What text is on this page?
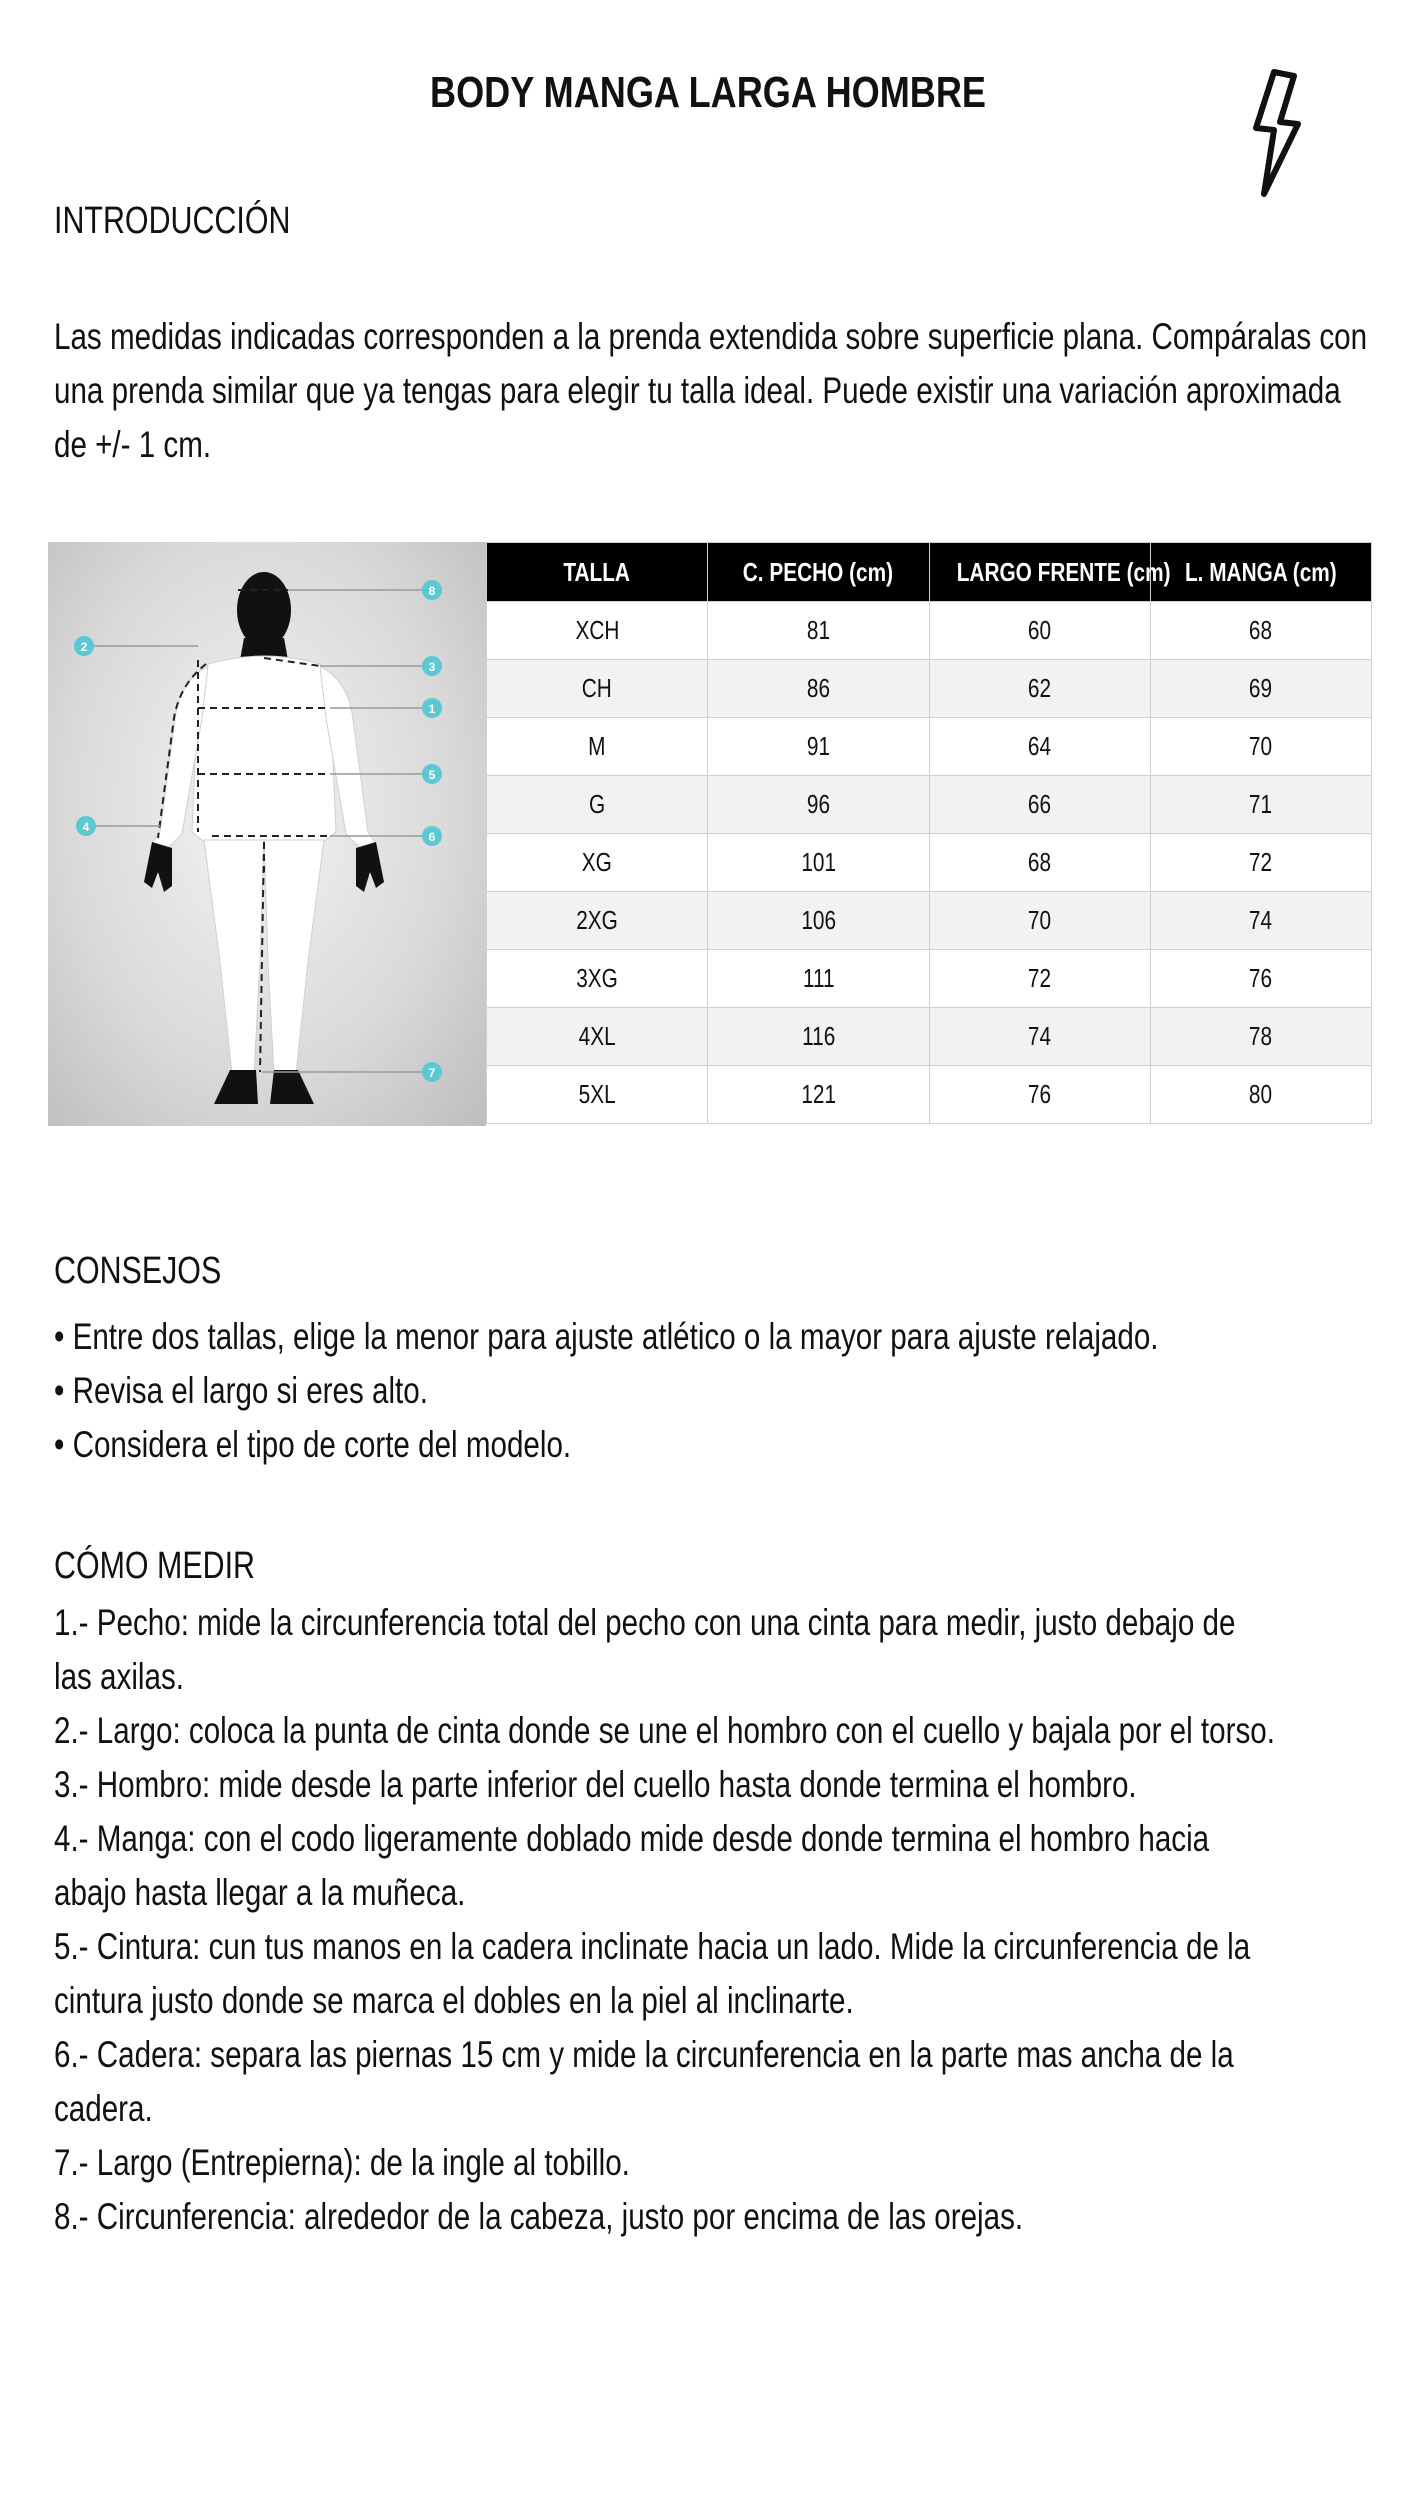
BODY MANGA LARGA HOMBRE
INTRODUCCIÓN
Las medidas indicadas corresponden a la prenda extendida sobre superficie plana. Compáralas con
una prenda similar que ya tengas para elegir tu talla ideal. Puede existir una variación aproximada
de +/- 1 cm.
8
2
3
1
5
4
6
7
TALLA	C. PECHO (cm)	LARGO FRENTE (cm)	L. MANGA (cm)
XCH	81	60	68
CH	86	62	69
M	91	64	70
G	96	66	71
XG	101	68	72
2XG	106	70	74
3XG	111	72	76
4XL	116	74	78
5XL	121	76	80
CONSEJOS
• Entre dos tallas, elige la menor para ajuste atlético o la mayor para ajuste relajado.
• Revisa el largo si eres alto.
• Considera el tipo de corte del modelo.
CÓMO MEDIR
1.- Pecho: mide la circunferencia total del pecho con una cinta para medir, justo debajo de
las axilas.
2.- Largo: coloca la punta de cinta donde se une el hombro con el cuello y bajala por el torso.
3.- Hombro: mide desde la parte inferior del cuello hasta donde termina el hombro.
4.- Manga: con el codo ligeramente doblado mide desde donde termina el hombro hacia
abajo hasta llegar a la muñeca.
5.- Cintura: cun tus manos en la cadera inclinate hacia un lado. Mide la circunferencia de la
cintura justo donde se marca el dobles en la piel al inclinarte.
6.- Cadera: separa las piernas 15 cm y mide la circunferencia en la parte mas ancha de la
cadera.
7.- Largo (Entrepierna): de la ingle al tobillo.
8.- Circunferencia: alrededor de la cabeza, justo por encima de las orejas.
